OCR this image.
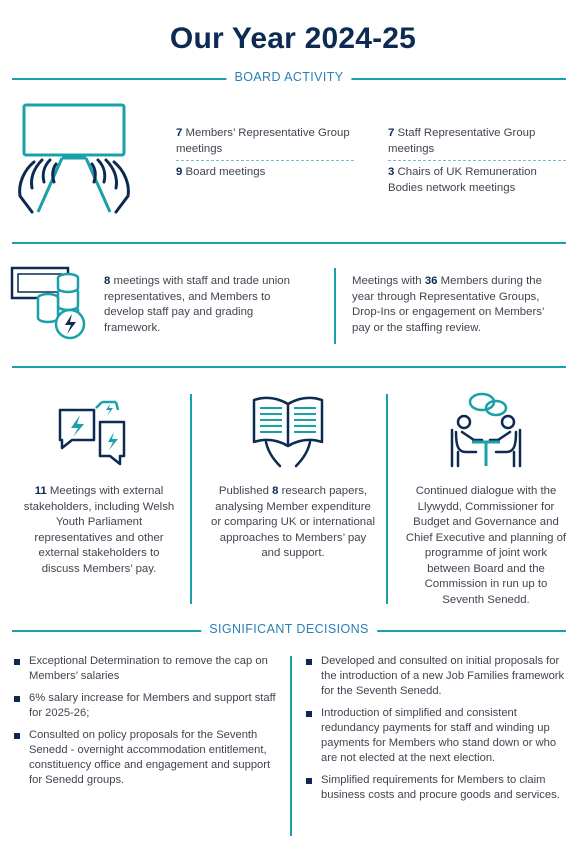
Our Year 2024-25
BOARD ACTIVITY
7 Members’ Representative Group meetings
9 Board meetings
7 Staff Representative Group meetings
3 Chairs of UK Remuneration Bodies network meetings
8 meetings with staff and trade union representatives, and Members to develop staff pay and grading framework.
Meetings with 36 Members during the year through Representative Groups, Drop-Ins or engagement on Members’ pay or the staffing review.
11 Meetings with external stakeholders, including Welsh Youth Parliament representatives and other external stakeholders to discuss Members’ pay.
Published 8 research papers, analysing Member expenditure or comparing UK or international approaches to Members’ pay and support.
Continued dialogue with the Llywydd, Commissioner for Budget and Governance and Chief Executive and planning of programme of joint work between Board and the Commission in run up to Seventh Senedd.
SIGNIFICANT DECISIONS
Exceptional Determination to remove the cap on Members’ salaries
6% salary increase for Members and support staff for 2025-26;
Consulted on policy proposals for the Seventh Senedd - overnight accommodation entitlement, constituency office and engagement and support for Senedd groups.
Developed and consulted on initial proposals for the introduction of a new Job Families framework for the Seventh Senedd.
Introduction of simplified and consistent redundancy payments for staff and winding up payments for Members who stand down or who are not elected at the next election.
Simplified requirements for Members to claim business costs and procure goods and services.
